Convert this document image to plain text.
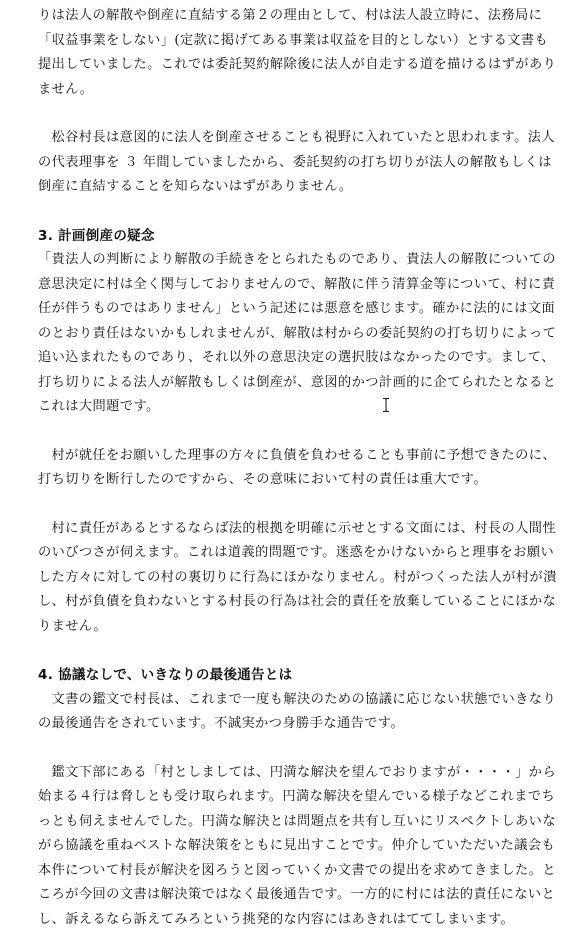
りは法人の解散や倒産に直結する第２の理由として、村は法人設立時に、法務局に「収益事業をしない」(定款に掲げてある事業は収益を目的としない）とする文書も提出していました。これでは委託契約解除後に法人が自走する道を描けるはずがありません。

松谷村長は意図的に法人を倒産させることも視野に入れていたと思われます。法人の代表理事を ３ 年間していましたから、委託契約の打ち切りが法人の解散もしくは倒産に直結することを知らないはずがありません。

3. 計画倒産の疑念

「貴法人の判断により解散の手続きをとられたものであり、貴法人の解散についての意思決定に村は全く関与しておりませんので、解散に伴う清算金等について、村に責任が伴うものではありません」という記述には悪意を感じます。確かに法的には文面のとおり責任はないかもしれませんが、解散は村からの委託契約の打ち切りによって追い込まれたものであり、それ以外の意思決定の選択肢はなかったのです。まして、打ち切りによる法人が解散もしくは倒産が、意図的かつ計画的に企てられたとなるとこれは大問題です。

村が就任をお願いした理事の方々に負債を負わせることも事前に予想できたのに、打ち切りを断行したのですから、その意味において村の責任は重大です。

村に責任があるとするならば法的根拠を明確に示せとする文面には、村長の人間性のいびつさが伺えます。これは道義的問題です。迷惑をかけないからと理事をお願いした方々に対しての村の裏切りに行為にほかなりません。村がつくった法人が村が潰し、村が負債を負わないとする村長の行為は社会的責任を放棄していることにほかなりません。

4. 協議なしで、いきなりの最後通告とは

文書の鑑文で村長は、これまで一度も解決のための協議に応じない状態でいきなりの最後通告をされています。不誠実かつ身勝手な通告です。

鑑文下部にある「村としましては、円満な解決を望んでおりますが・・・・」から始まる４行は脅しとも受け取られます。円満な解決を望んでいる様子などこれまでちっとも伺えませんでした。円満な解決とは問題点を共有し互いにリスペクトしあいながら協議を重ねベストな解決策をともに見出すことです。仲介していただいた議会も本件について村長が解決を図ろうと図っていくか文書での提出を求めてきました。ところが今回の文書は解決策ではなく最後通告です。一方的に村には法的責任にないとし、訴えるなら訴えてみろという挑発的な内容にはあきれはててしまいます。
